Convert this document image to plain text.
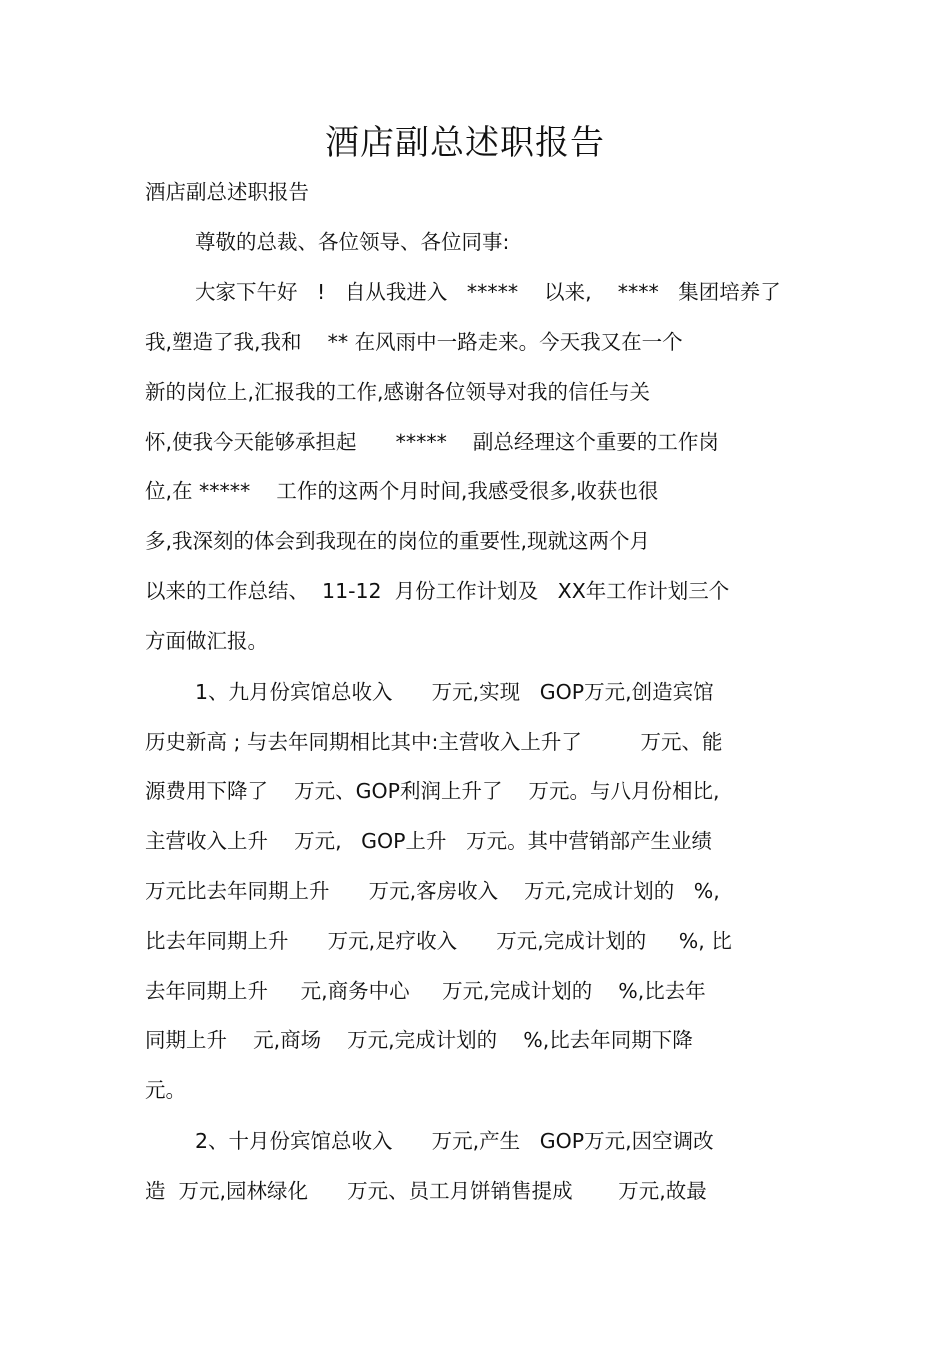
酒店副总述职报告
酒店副总述职报告
尊敬的总裁、各位领导、各位同事:
大家下午好   !   自从我进入   *****    以来,    ****   集团培养了
我,塑造了我,我和    ** 在风雨中一路走来。今天我又在一个
新的岗位上,汇报我的工作,感谢各位领导对我的信任与关
怀,使我今天能够承担起      *****    副总经理这个重要的工作岗
位,在 *****    工作的这两个月时间,我感受很多,收获也很
多,我深刻的体会到我现在的岗位的重要性,现就这两个月
以来的工作总结、  11-12  月份工作计划及   XX年工作计划三个
方面做汇报。
1、九月份宾馆总收入      万元,实现   GOP万元,创造宾馆
历史新高 ; 与去年同期相比其中:主营收入上升了         万元、能
源费用下降了    万元、GOP利润上升了    万元。与八月份相比,
主营收入上升    万元,   GOP上升   万元。其中营销部产生业绩
万元比去年同期上升      万元,客房收入    万元,完成计划的   %,
比去年同期上升      万元,足疗收入      万元,完成计划的     %, 比
去年同期上升     元,商务中心     万元,完成计划的    %,比去年
同期上升    元,商场    万元,完成计划的    %,比去年同期下降
元。
2、十月份宾馆总收入      万元,产生   GOP万元,因空调改
造  万元,园林绿化      万元、员工月饼销售提成       万元,故最
